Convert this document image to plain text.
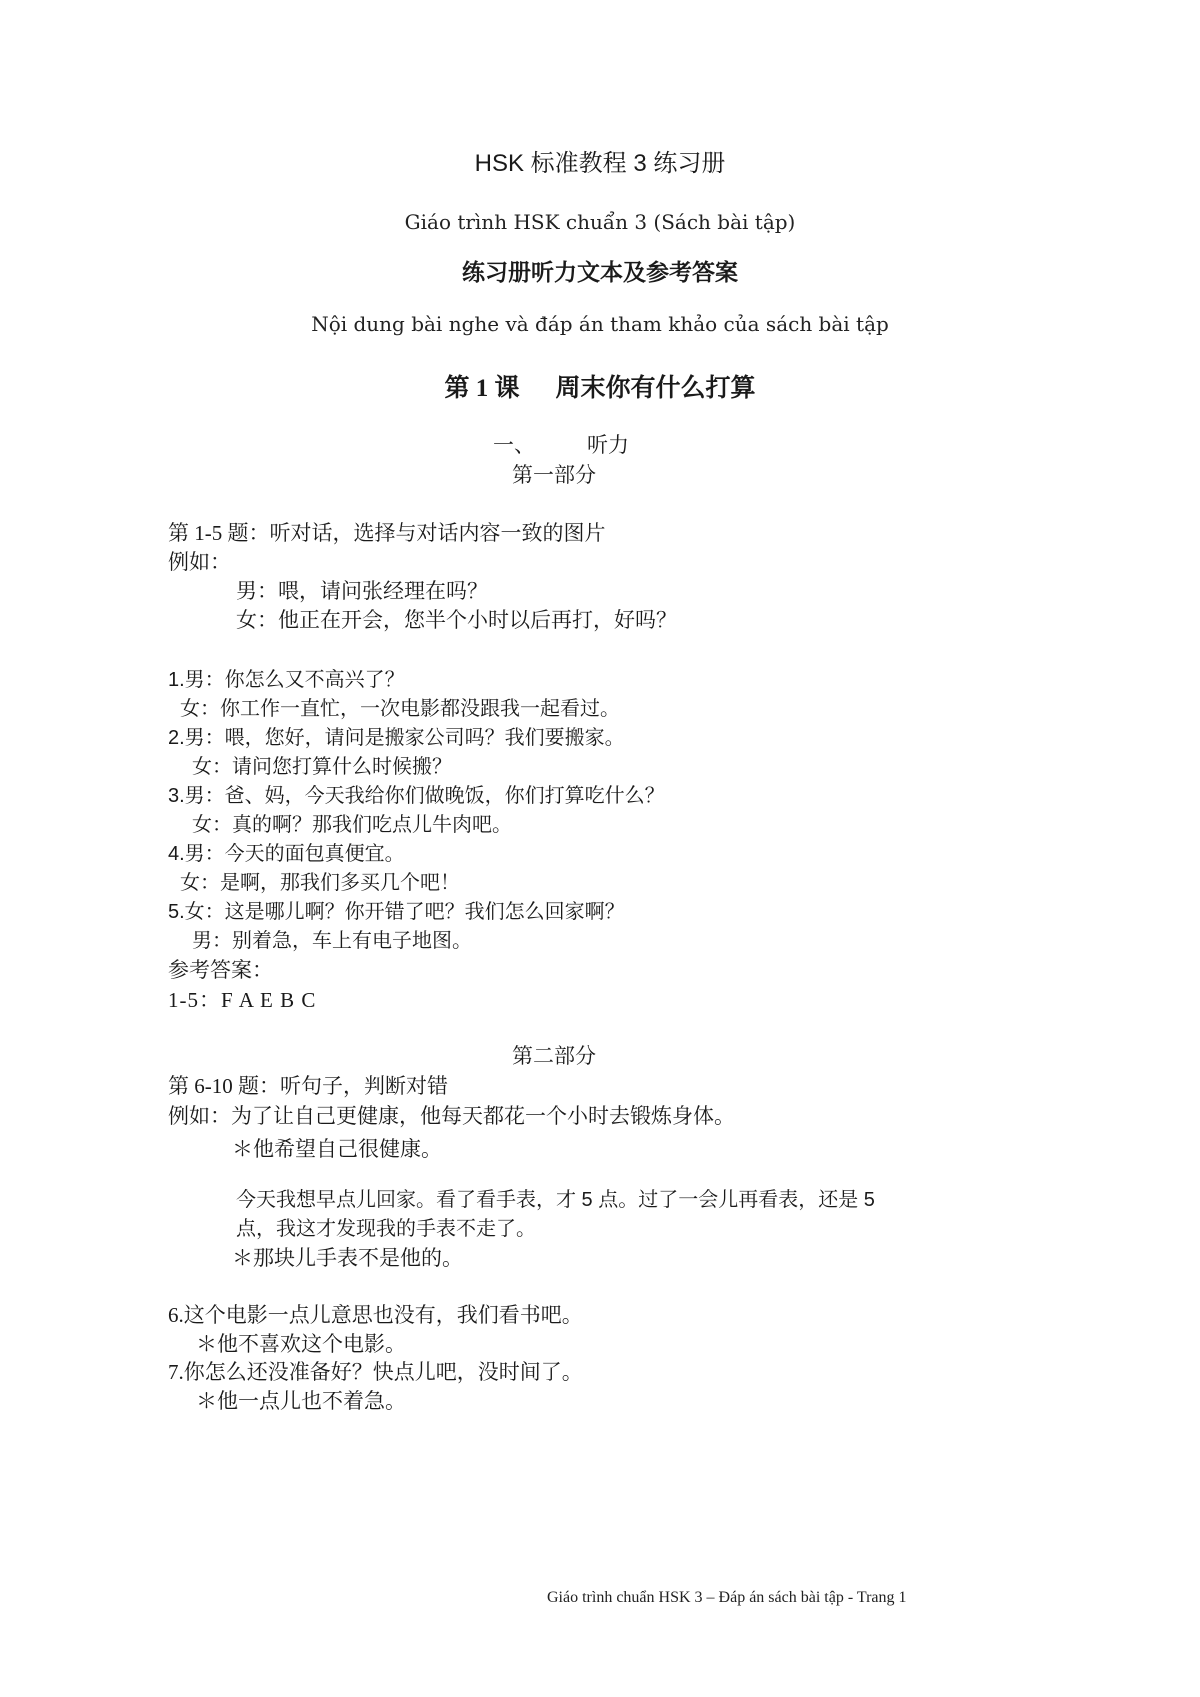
HSK 标准教程 3 练习册
Giáo trình HSK chuẩn 3 (Sách bài tập)
练习册听力文本及参考答案
Nội dung bài nghe và đáp án tham khảo của sách bài tập
第 1 课 周末你有什么打算
一、 听力
第一部分
第 1-5 题：听对话，选择与对话内容一致的图片
例如：
男：喂，请问张经理在吗？
女：他正在开会，您半个小时以后再打，好吗？
1.男：你怎么又不高兴了？
女：你工作一直忙，一次电影都没跟我一起看过。
2.男：喂，您好，请问是搬家公司吗？我们要搬家。
女：请问您打算什么时候搬？
3.男：爸、妈，今天我给你们做晚饭，你们打算吃什么？
女：真的啊？那我们吃点儿牛肉吧。
4.男：今天的面包真便宜。
女：是啊，那我们多买几个吧！
5.女：这是哪儿啊？你开错了吧？我们怎么回家啊？
男：别着急，车上有电子地图。
参考答案：
1-5：F A E B C
第二部分
第 6-10 题：听句子，判断对错
例如：为了让自己更健康，他每天都花一个小时去锻炼身体。
＊他希望自己很健康。
今天我想早点儿回家。看了看手表，才 5 点。过了一会儿再看表，还是 5
点，我这才发现我的手表不走了。
＊那块儿手表不是他的。
6.这个电影一点儿意思也没有，我们看书吧。
＊他不喜欢这个电影。
7.你怎么还没准备好？快点儿吧，没时间了。
＊他一点儿也不着急。
Giáo trình chuẩn HSK 3 – Đáp án sách bài tập - Trang 1
